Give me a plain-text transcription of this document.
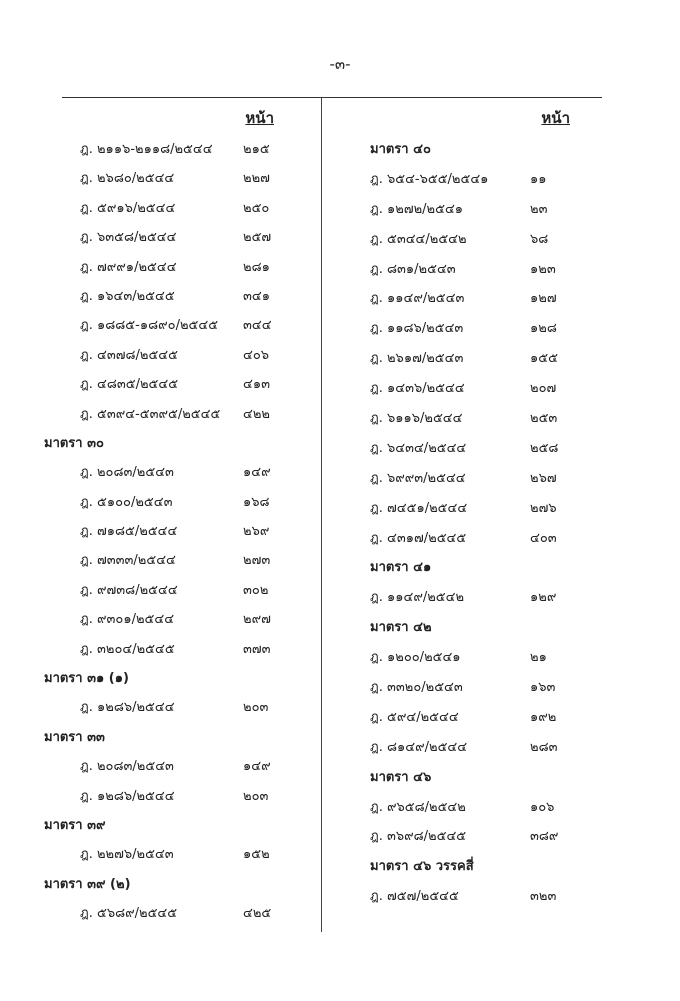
-๓-
หน้า
ฎ. ๒๑๑๖-๒๑๑๘/๒๕๔๔ ๒๑๕
ฎ. ๒๖๘๐/๒๕๔๔	๒๒๗
ฎ. ๕๙๑๖/๒๕๔๔	๒๕๐
ฎ. ๖๓๕๘/๒๕๔๔	๒๕๗
ฎ. ๗๙๙๑/๒๕๔๔	๒๘๑
ฎ. ๑๖๔๓/๒๕๔๕	๓๔๑
ฎ. ๑๘๘๕-๑๘๙๐/๒๕๔๕ ๓๔๔
ฎ. ๔๓๗๘/๒๕๔๕	๔๐๖
ฎ. ๔๘๓๕/๒๕๔๕	๔๑๓
ฎ. ๕๓๙๔-๕๓๙๕/๒๕๔๕ ๔๒๒
มาตรา ๓๐
ฎ. ๒๐๘๓/๒๕๔๓	๑๔๙
ฎ. ๕๑๐๐/๒๕๔๓	๑๖๘
ฎ. ๗๑๘๕/๒๕๔๔	๒๖๙
ฎ. ๗๓๓๓/๒๕๔๔	๒๗๓
ฎ. ๙๗๓๘/๒๕๔๔	๓๐๒
ฎ. ๙๓๐๑/๒๕๔๔	๒๙๗
ฎ. ๓๒๐๔/๒๕๔๕	๓๗๓
มาตรา ๓๑ (๑)
ฎ. ๑๒๘๖/๒๕๔๔	๒๐๓
มาตรา ๓๓
ฎ. ๒๐๘๓/๒๕๔๓	๑๔๙
ฎ. ๑๒๘๖/๒๕๔๔	๒๐๓
มาตรา ๓๙
ฎ. ๒๒๗๖/๒๕๔๓	๑๕๒
มาตรา ๓๙ (๒)
ฎ. ๕๖๘๙/๒๕๔๕	๔๒๕
หน้า
มาตรา ๔๐
ฎ. ๖๕๔-๖๕๕/๒๕๔๑	๑๑
ฎ. ๑๒๗๒/๒๕๔๑	๒๓
ฎ. ๕๓๔๔/๒๕๔๒	๖๘
ฎ. ๘๓๑/๒๕๔๓	๑๒๓
ฎ. ๑๑๔๙/๒๕๔๓	๑๒๗
ฎ. ๑๑๘๖/๒๕๔๓	๑๒๘
ฎ. ๒๖๑๗/๒๕๔๓	๑๕๕
ฎ. ๑๔๓๖/๒๕๔๔	๒๐๗
ฎ. ๖๑๑๖/๒๕๔๔	๒๕๓
ฎ. ๖๔๓๔/๒๕๔๔	๒๕๘
ฎ. ๖๙๙๓/๒๕๔๔	๒๖๗
ฎ. ๗๔๕๑/๒๕๔๔	๒๗๖
ฎ. ๔๓๑๗/๒๕๔๕	๔๐๓
มาตรา ๔๑
ฎ. ๑๑๔๙/๒๕๔๒	๑๒๙
มาตรา ๔๒
ฎ. ๑๒๐๐/๒๕๔๑	๒๑
ฎ. ๓๓๒๐/๒๕๔๓	๑๖๓
ฎ. ๕๙๔/๒๕๔๔	๑๙๒
ฎ. ๘๑๔๙/๒๕๔๔	๒๘๓
มาตรา ๔๖
ฎ. ๙๖๕๘/๒๕๔๒	๑๐๖
ฎ. ๓๖๙๘/๒๕๔๕	๓๘๙
มาตรา ๔๖ วรรคสี่
ฎ. ๗๕๗/๒๕๔๕	๓๒๓
